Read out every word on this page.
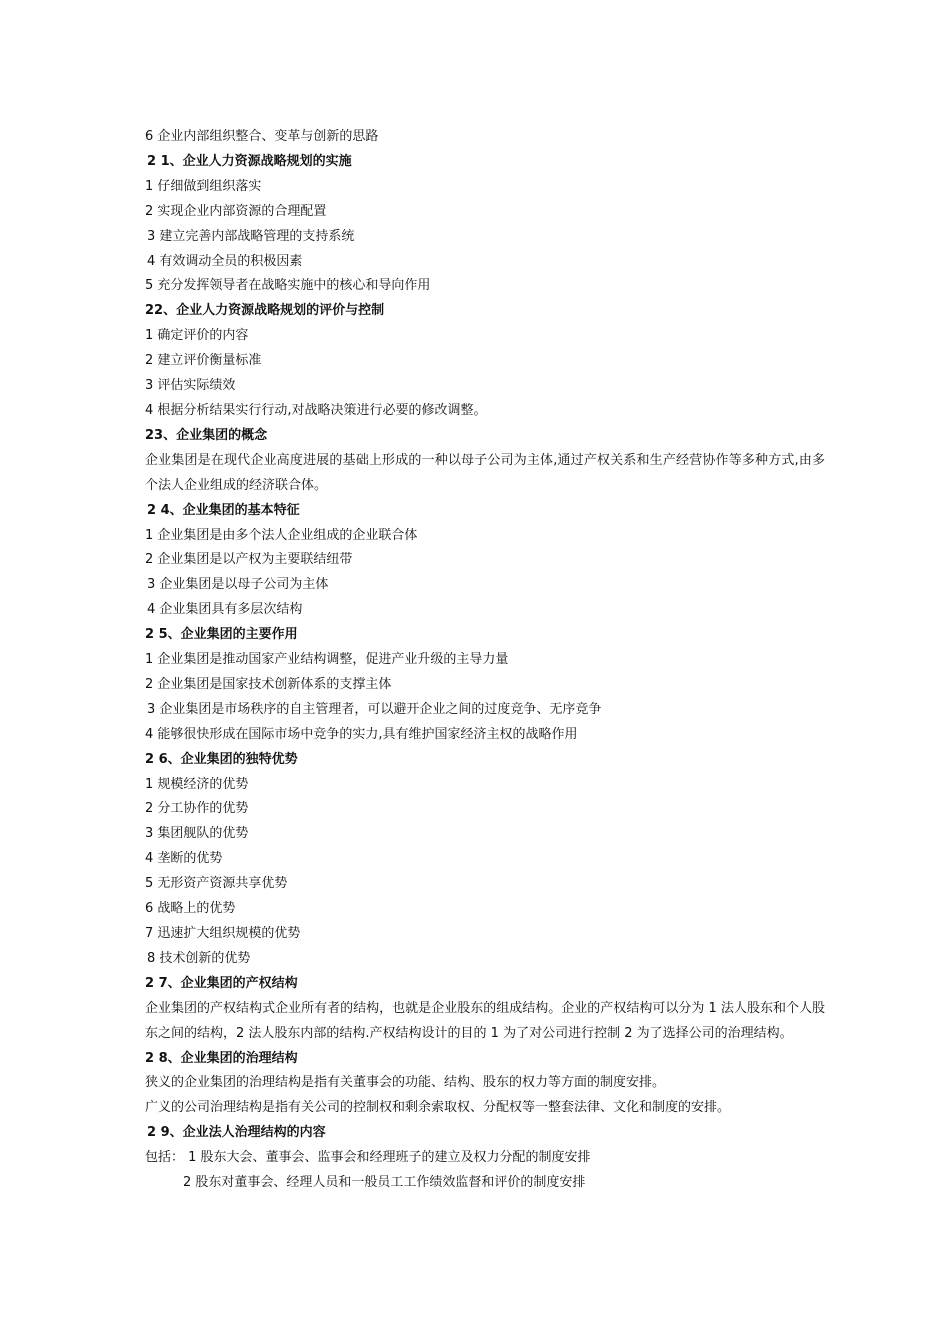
6 企业内部组织整合、变革与创新的思路
2 1、企业人力资源战略规划的实施
1 仔细做到组织落实
2 实现企业内部资源的合理配置
3 建立完善内部战略管理的支持系统
4 有效调动全员的积极因素
5 充分发挥领导者在战略实施中的核心和导向作用
22、企业人力资源战略规划的评价与控制
1 确定评价的内容
2 建立评价衡量标准
3 评估实际绩效
4 根据分析结果实行行动,对战略决策进行必要的修改调整。
23、企业集团的概念
企业集团是在现代企业高度进展的基础上形成的一种以母子公司为主体,通过产权关系和生产经营协作等多种方式,由多个法人企业组成的经济联合体。
2 4、企业集团的基本特征
1 企业集团是由多个法人企业组成的企业联合体
2 企业集团是以产权为主要联结纽带
3 企业集团是以母子公司为主体
4 企业集团具有多层次结构
2 5、企业集团的主要作用
1 企业集团是推动国家产业结构调整，促进产业升级的主导力量
2 企业集团是国家技术创新体系的支撑主体
3 企业集团是市场秩序的自主管理者，可以避开企业之间的过度竞争、无序竞争
4 能够很快形成在国际市场中竞争的实力,具有维护国家经济主权的战略作用
2 6、企业集团的独特优势
1 规模经济的优势
2 分工协作的优势
3 集团舰队的优势
4 垄断的优势
5 无形资产资源共享优势
6 战略上的优势
7 迅速扩大组织规模的优势
8 技术创新的优势
2 7、企业集团的产权结构
企业集团的产权结构式企业所有者的结构，也就是企业股东的组成结构。企业的产权结构可以分为 1 法人股东和个人股东之间的结构，2 法人股东内部的结构.产权结构设计的目的 1 为了对公司进行控制 2 为了选择公司的治理结构。
2 8、企业集团的治理结构
狭义的企业集团的治理结构是指有关董事会的功能、结构、股东的权力等方面的制度安排。
广义的公司治理结构是指有关公司的控制权和剩余索取权、分配权等一整套法律、文化和制度的安排。
2 9、企业法人治理结构的内容
包括： 1 股东大会、董事会、监事会和经理班子的建立及权力分配的制度安排
2 股东对董事会、经理人员和一般员工工作绩效监督和评价的制度安排
